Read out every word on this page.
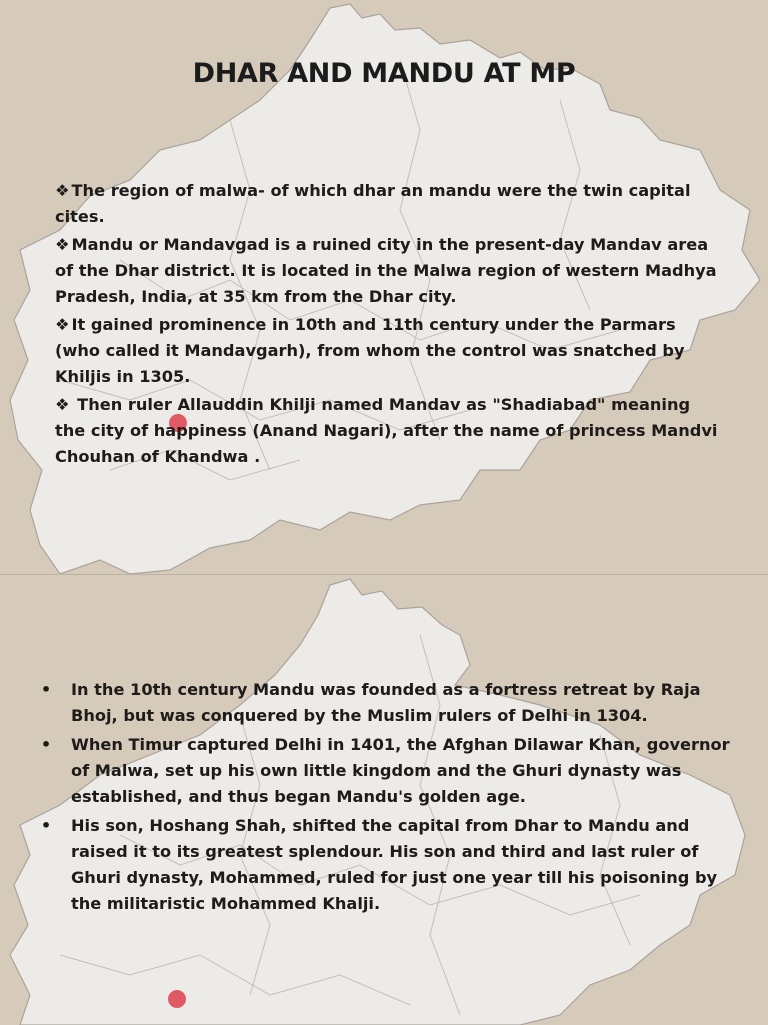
DHAR AND MANDU AT MP

❖ The region of malwa- of which dhar an mandu were the twin capital cites.

❖ Mandu or Mandavgad is a ruined city in the present-day Mandav area of the Dhar district. It is located in the Malwa region of western Madhya Pradesh, India, at 35 km from the Dhar city.

❖ It gained prominence in 10th and 11th century under the Parmars (who called it Mandavgarh), from whom the control was snatched by Khiljis in 1305.

❖ Then ruler Allauddin Khilji named Mandav as "Shadiabad" meaning the city of happiness (Anand Nagari), after the name of princess Mandvi Chouhan of Khandwa .

• In the 10th century Mandu was founded as a fortress retreat by Raja Bhoj, but was conquered by the Muslim rulers of Delhi in 1304.
• When Timur captured Delhi in 1401, the Afghan Dilawar Khan, governor of Malwa, set up his own little kingdom and the Ghuri dynasty was established, and thus began Mandu's golden age.
• His son, Hoshang Shah, shifted the capital from Dhar to Mandu and raised it to its greatest splendour. His son and third and last ruler of Ghuri dynasty, Mohammed, ruled for just one year till his poisoning by the militaristic Mohammed Khalji.
